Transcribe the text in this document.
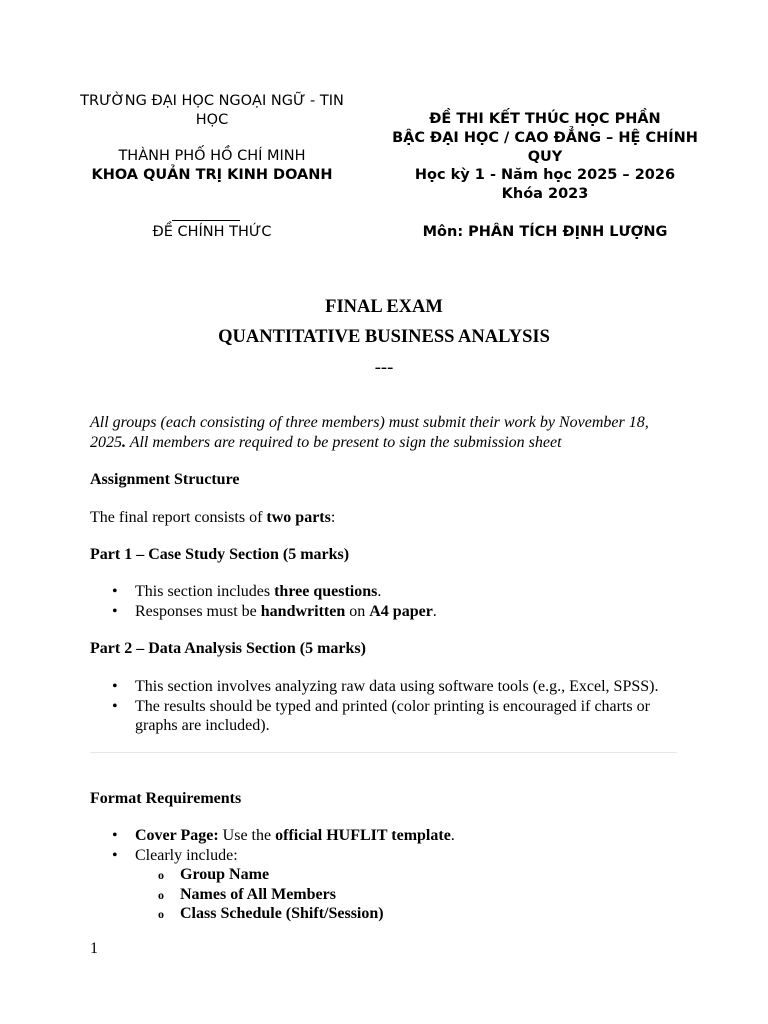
TRƯỜNG ĐẠI HỌC NGOẠI NGỮ - TIN HỌC
THÀNH PHỐ HỒ CHÍ MINH
KHOA QUẢN TRỊ KINH DOANH
ĐỀ CHÍNH THỨC
ĐỀ THI KẾT THÚC HỌC PHẦN
BẬC ĐẠI HỌC / CAO ĐẲNG – HỆ CHÍNH QUY
Học kỳ 1 - Năm học 2025 – 2026
Khóa 2023
Môn: PHÂN TÍCH ĐỊNH LƯỢNG
FINAL EXAM
QUANTITATIVE BUSINESS ANALYSIS
---
All groups (each consisting of three members) must submit their work by November 18, 2025. All members are required to be present to sign the submission sheet
Assignment Structure
The final report consists of two parts:
Part 1 – Case Study Section (5 marks)
• This section includes three questions.
• Responses must be handwritten on A4 paper.
Part 2 – Data Analysis Section (5 marks)
• This section involves analyzing raw data using software tools (e.g., Excel, SPSS).
• The results should be typed and printed (color printing is encouraged if charts or graphs are included).
Format Requirements
• Cover Page: Use the official HUFLIT template.
• Clearly include:
o Group Name
o Names of All Members
o Class Schedule (Shift/Session)
1
